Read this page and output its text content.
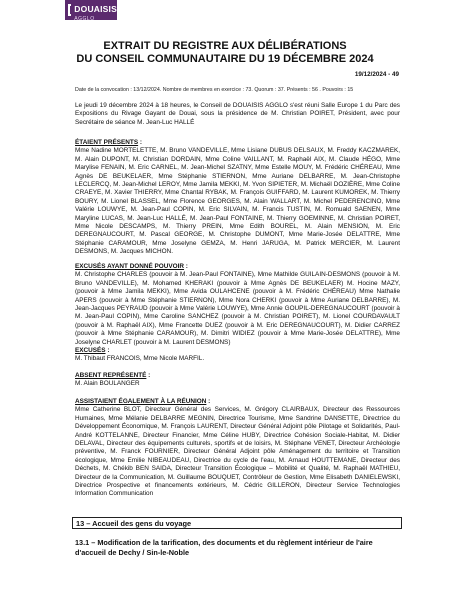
DOUAISIS
AGGLO
EXTRAIT DU REGISTRE AUX DÉLIBÉRATIONS
DU CONSEIL COMMUNAUTAIRE DU 19 DÉCEMBRE 2024
19/12/2024 - 49
Date de la convocation : 13/12/2024. Nombre de membres en exercice : 73. Quorum : 37. Présents : 56 . Pouvoirs : 15
Le jeudi 19 décembre 2024 à 18 heures, le Conseil de DOUAISIS AGGLO s'est réuni Salle Europe 1 du Parc des Expositions du Rivage Gayant de Douai, sous la présidence de M. Christian POIRET, Président, avec pour Secrétaire de séance M. Jean-Luc HALLÉ
ÉTAIENT PRÉSENTS :
Mme Nadine MORTELETTE, M. Bruno VANDEVILLE, Mme Lisiane DUBUS DELSAUX, M. Freddy KACZMAREK, M. Alain DUPONT, M. Christian DORDAIN, Mme Coline VAILLANT, M. Raphaël AIX, M. Claude HÉGO, Mme Marylise FENAIN, M. Eric CARNEL, M. Jean-Michel SZATNY, Mme Estelle MOUY, M. Frédéric CHÉREAU, Mme Agnès DE BEUKELAER, Mme Stéphanie STIERNON, Mme Auriane DELBARRE, M. Jean-Christophe LECLERCQ, M. Jean-Michel LEROY, Mme Jamila MEKKI, M. Yvon SIPIETER, M. Michaël DOZIÈRE, Mme Coline CRAEYE, M. Xavier THIERRY, Mme Chantal RYBAK, M. François GUIFFARD, M. Laurent KUMOREK, M. Thierry BOURY, M. Lionel BLASSEL, Mme Florence GEORGES, M. Alain WALLART, M. Michel PEDERENCINO, Mme Valérie LOUWYE, M. Jean-Paul COPIN, M. Eric SILVAIN, M. Francis TUSTIN, M. Romuald SAENEN, Mme Maryline LUCAS, M. Jean-Luc HALLÉ, M. Jean-Paul FONTAINE, M. Thierry GOEMINNE, M. Christian POIRET, Mme Nicole DESCAMPS, M. Thierry PREIN, Mme Edith BOUREL, M. Alain MENSION, M. Eric DEREGNAUCOURT, M. Pascal GEORGE, M. Christophe DUMONT, Mme Marie-Josée DELATTRE, Mme Stéphanie CARAMOUR, Mme Joselyne GEMZA, M. Henri JARUGA, M. Patrick MERCIER, M. Laurent DESMONS, M. Jacques MICHON.
EXCUSÉS AYANT DONNÉ POUVOIR :
M. Christophe CHARLES (pouvoir à M. Jean-Paul FONTAINE), Mme Mathilde GUILAIN-DESMONS (pouvoir à M. Bruno VANDEVILLE), M. Mohamed KHERAKI (pouvoir à Mme Agnès DE BEUKELAER) M. Hocine MAZY, (pouvoir à Mme Jamila MEKKI), Mme Avida OULAHCENE (pouvoir à M. Frédéric CHÉREAU) Mme Nathalie APERS (pouvoir à Mme Stéphanie STIERNON), Mme Nora CHERKI (pouvoir à Mme Auriane DELBARRE), M. Jean-Jacques PEYRAUD (pouvoir à Mme Valérie LOUWYE), Mme Annie GOUPIL-DEREGNAUCOURT (pouvoir à M. Jean-Paul COPIN), Mme Caroline SANCHEZ (pouvoir à M. Christian POIRET), M. Lionel COURDAVAULT (pouvoir à M. Raphaël AIX), Mme Francette DUEZ (pouvoir à M. Eric DEREGNAUCOURT), M. Didier CARREZ (pouvoir à Mme Stéphanie CARAMOUR), M. Dimitri WIDIEZ (pouvoir à Mme Marie-Josée DELATTRE), Mme Joselyne CHARLET (pouvoir à M. Laurent DESMONS)
EXCUSÉS :
M. Thibaut FRANCOIS, Mme Nicole MARFIL.
ABSENT REPRÉSENTÉ :
M. Alain BOULANGER
ASSISTAIENT ÉGALEMENT À LA RÉUNION :
Mme Catherine BLOT, Directeur Général des Services, M. Grégory CLAIRBAUX, Directeur des Ressources Humaines, Mme Mélanie DELBARRE MEGNIN, Directrice Tourisme, Mme Sandrine DANSETTE, Directrice du Développement Économique, M. François LAURENT, Directeur Général Adjoint pôle Pilotage et Solidarités, Paul-André KOTTELANNE, Directeur Financier, Mme Céline HUBY, Directrice Cohésion Sociale-Habitat, M. Didier DELAVAL, Directeur des équipements culturels, sportifs et de loisirs, M. Stéphane VENET, Directeur Archéologie préventive, M. Franck FOURNIER, Directeur Général Adjoint pôle Aménagement du territoire et Transition écologique, Mme Emilie NIBEAUDEAU, Directrice du cycle de l'eau, M. Arnaud HOUTTEMANE, Directeur des Déchets, M. Chékib BEN SAIDA, Directeur Transition Écologique – Mobilité et Qualité, M. Raphaël MATHIEU, Directeur de la Communication, M. Guillaume BOUQUET, Contrôleur de Gestion, Mme Elisabeth DANIELEWSKI, Directrice Prospective et financements extérieurs, M. Cédric GILLERON, Directeur Service Technologies Information Communication
13 – Accueil des gens du voyage
13.1 – Modification de la tarification, des documents et du règlement intérieur de l'aire d'accueil de Dechy / Sin-le-Noble
